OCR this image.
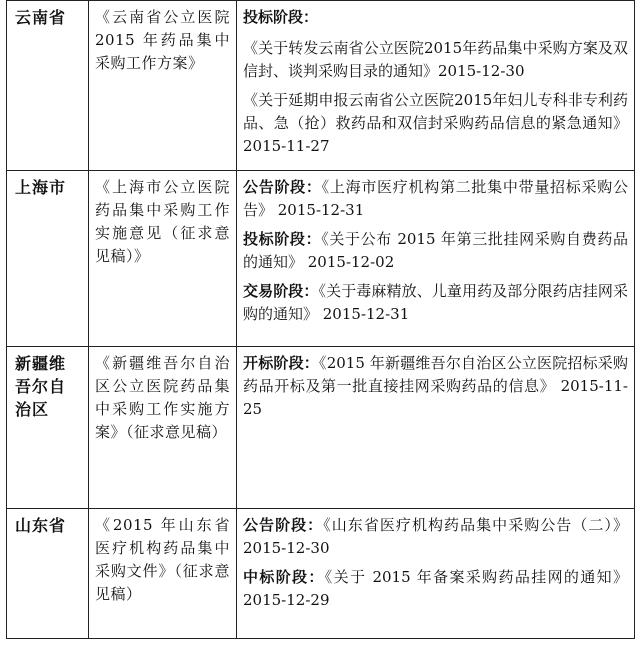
云南省	《云南省公立医院 2015 年药品集中采购工作方案》	投标阶段：
《关于转发云南省公立医院2015年药品集中采购方案及双信封、谈判采购目录的通知》2015-12-30
《关于延期申报云南省公立医院2015年妇儿专科非专利药品、急（抢）救药品和双信封采购药品信息的紧急通知》2015-11-27

上海市	《上海市公立医院药品集中采购工作实施意见（征求意见稿）》	公告阶段：《上海市医疗机构第二批集中带量招标采购公告》 2015-12-31
投标阶段：《关于公布 2015 年第三批挂网采购自费药品的通知》 2015-12-02
交易阶段：《关于毒麻精放、儿童用药及部分限药店挂网采购的通知》 2015-12-31

新疆维吾尔自治区	《新疆维吾尔自治区公立医院药品集中采购工作实施方案》（征求意见稿）	开标阶段：《2015 年新疆维吾尔自治区公立医院招标采购药品开标及第一批直接挂网采购药品的信息》 2015-11-25

山东省	《2015 年山东省医疗机构药品集中采购文件》（征求意见稿）	公告阶段：《山东省医疗机构药品集中采购公告（二）》 2015-12-30
中标阶段：《关于 2015 年备案采购药品挂网的通知》 2015-12-29
